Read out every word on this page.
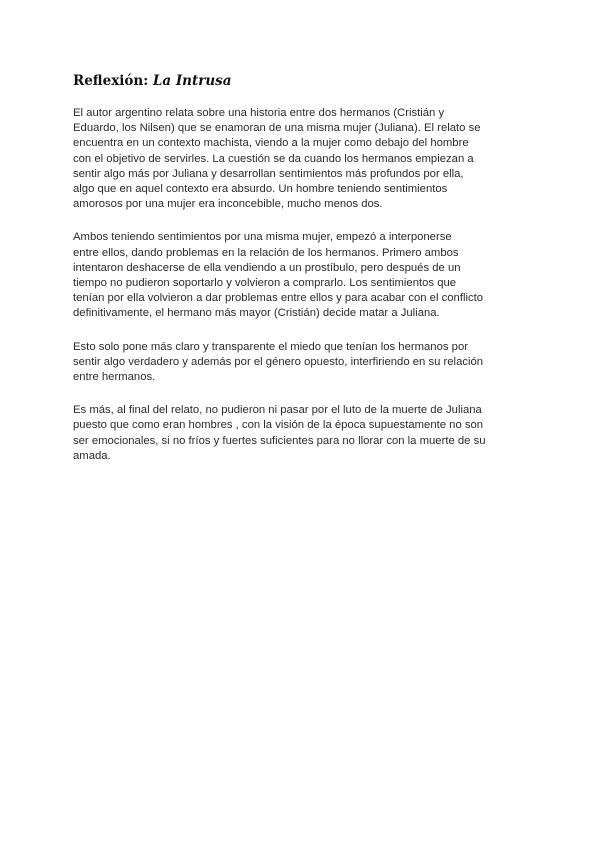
Reflexión: La Intrusa
El autor argentino relata sobre una historia entre dos hermanos (Cristián y
Eduardo, los Nilsen) que se enamoran de una misma mujer (Juliana). El relato se
encuentra en un contexto machista, viendo a la mujer como debajo del hombre
con el objetivo de servirles. La cuestión se da cuando los hermanos empiezan a
sentir algo más por Juliana y desarrollan sentimientos más profundos por ella,
algo que en aquel contexto era absurdo. Un hombre teniendo sentimientos
amorosos por una mujer era inconcebible, mucho menos dos.
Ambos teniendo sentimientos por una misma mujer, empezó a interponerse
entre ellos, dando problemas en la relación de los hermanos. Primero ambos
intentaron deshacerse de ella vendiendo a un prostíbulo, pero después de un
tiempo no pudieron soportarlo y volvieron a comprarlo. Los sentimientos que
tenían por ella volvieron a dar problemas entre ellos y para acabar con el conflicto
definitivamente, el hermano más mayor (Cristián) decide matar a Juliana.
Esto solo pone más claro y transparente el miedo que tenían los hermanos por
sentir algo verdadero y además por el género opuesto, interfiriendo en su relación
entre hermanos.
Es más, al final del relato, no pudieron ni pasar por el luto de la muerte de Juliana
puesto que como eran hombres , con la visión de la época supuestamente no son
ser emocionales, si no fríos y fuertes suficientes para no llorar con la muerte de su
amada.
